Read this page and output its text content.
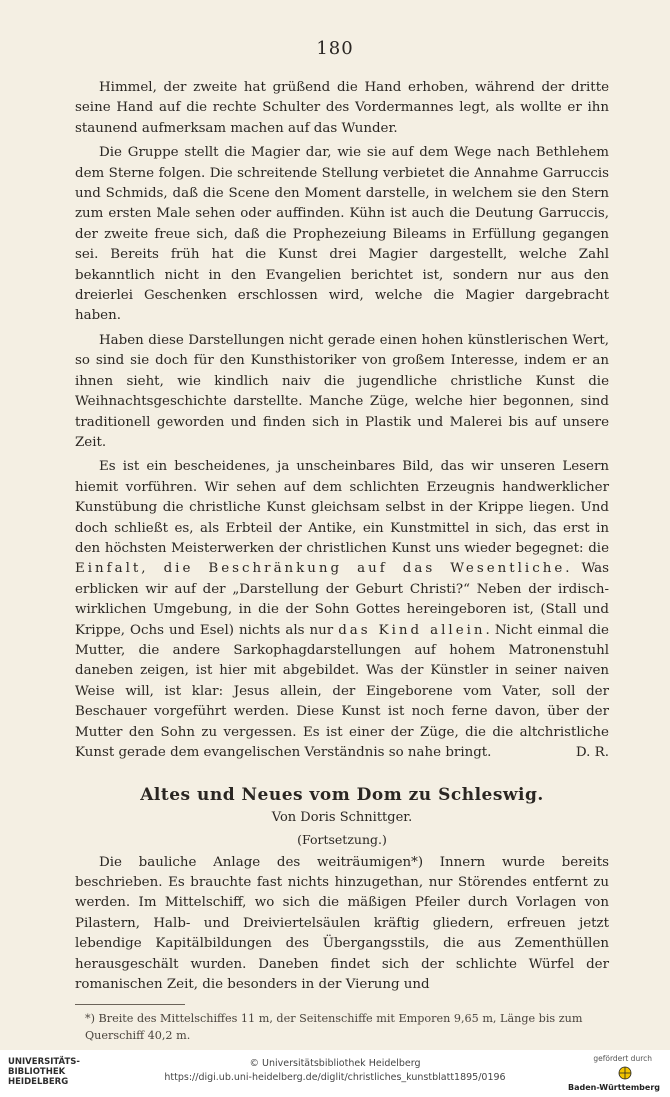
180

Himmel, der zweite hat grüßend die Hand erhoben, während der dritte seine Hand auf die rechte Schulter des Vordermannes legt, als wollte er ihn staunend aufmerksam machen auf das Wunder.

Die Gruppe stellt die Magier dar, wie sie auf dem Wege nach Bethlehem dem Sterne folgen. Die schreitende Stellung verbietet die Annahme Garruccis und Schmids, daß die Scene den Moment darstelle, in welchem sie den Stern zum ersten Male sehen oder auffinden. Kühn ist auch die Deutung Garruccis, der zweite freue sich, daß die Prophezeiung Bileams in Erfüllung gegangen sei. Bereits früh hat die Kunst drei Magier dargestellt, welche Zahl bekanntlich nicht in den Evangelien berichtet ist, sondern nur aus den dreierlei Geschenken erschlossen wird, welche die Magier dargebracht haben.

Haben diese Darstellungen nicht gerade einen hohen künstlerischen Wert, so sind sie doch für den Kunsthistoriker von großem Interesse, indem er an ihnen sieht, wie kindlich naiv die jugendliche christliche Kunst die Weihnachtsgeschichte darstellte. Manche Züge, welche hier begonnen, sind traditionell geworden und finden sich in Plastik und Malerei bis auf unsere Zeit.

Es ist ein bescheidenes, ja unscheinbares Bild, das wir unseren Lesern hiemit vorführen. Wir sehen auf dem schlichten Erzeugnis handwerklicher Kunstübung die christliche Kunst gleichsam selbst in der Krippe liegen. Und doch schließt es, als Erbteil der Antike, ein Kunstmittel in sich, das erst in den höchsten Meisterwerken der christlichen Kunst uns wieder begegnet: die Einfalt, die Beschränkung auf das Wesentliche. Was erblicken wir auf der „Darstellung der Geburt Christi?“ Neben der irdisch-wirklichen Umgebung, in die der Sohn Gottes hereingeboren ist, (Stall und Krippe, Ochs und Esel) nichts als nur das Kind allein. Nicht einmal die Mutter, die andere Sarkophagdarstellungen auf hohem Matronenstuhl daneben zeigen, ist hier mit abgebildet. Was der Künstler in seiner naiven Weise will, ist klar: Jesus allein, der Eingeborene vom Vater, soll der Beschauer vorgeführt werden. Diese Kunst ist noch ferne davon, über der Mutter den Sohn zu vergessen. Es ist einer der Züge, die die altchristliche Kunst gerade dem evangelischen Verständnis so nahe bringt.	D. R.

Altes und Neues vom Dom zu Schleswig.
Von Doris Schnittger.
(Fortsetzung.)

Die bauliche Anlage des weiträumigen*) Innern wurde bereits beschrieben. Es brauchte fast nichts hinzugethan, nur Störendes entfernt zu werden. Im Mittelschiff, wo sich die mäßigen Pfeiler durch Vorlagen von Pilastern, Halb- und Dreiviertelsäulen kräftig gliedern, erfreuen jetzt lebendige Kapitälbildungen des Übergangsstils, die aus Zementhüllen herausgeschält wurden. Daneben findet sich der schlichte Würfel der romanischen Zeit, die besonders in der Vierung und

*) Breite des Mittelschiffes 11 m, der Seitenschiffe mit Emporen 9,65 m, Länge bis zum Querschiff 40,2 m.
UNIVERSITÄTS-
BIBLIOTHEK
HEIDELBERG
© Universitätsbibliothek Heidelberg
https://digi.ub.uni-heidelberg.de/diglit/christliches_kunstblatt1895/0196
gefördert durch
Baden-Württemberg
